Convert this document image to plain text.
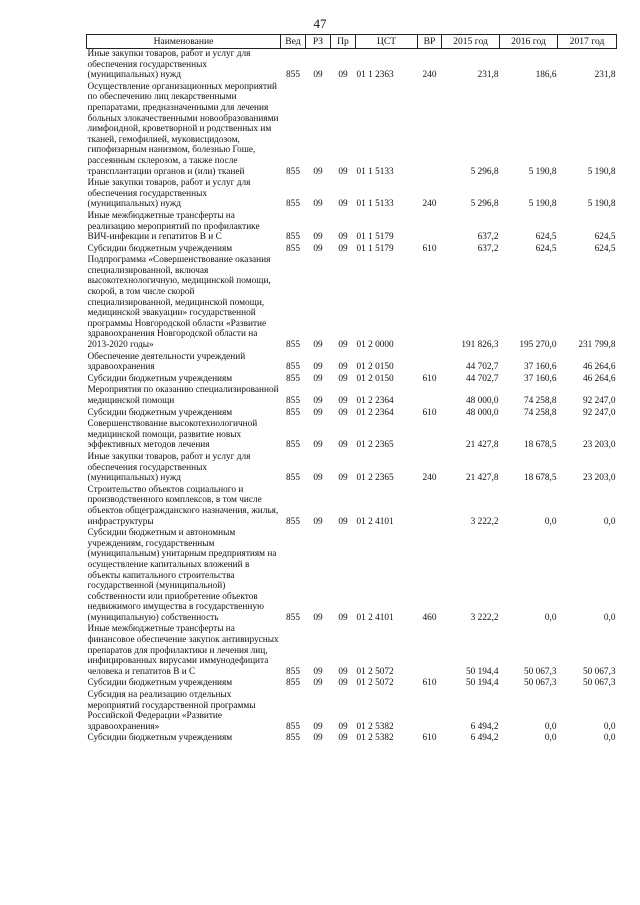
47
Наименование	Вед	РЗ	Пр	ЦСТ	ВР	2015 год	2016 год	2017 год
Иные закупки товаров, работ и услуг для обеспечения государственных (муниципальных) нужд	855	09	09	01 1 2363	240	231,8	186,6	231,8
Осуществление организационных мероприятий по обеспечению лиц лекарственными препаратами, предназначенными для лечения больных злокачественными новообразованиями лимфоидной, кроветворной и родственных им тканей, гемофилией, муковисцидозом, гипофизарным нанизмом, болезнью Гоше, рассеянным склерозом, а также после трансплантации органов и (или) тканей	855	09	09	01 1 5133		5 296,8	5 190,8	5 190,8
Иные закупки товаров, работ и услуг для обеспечения государственных (муниципальных) нужд	855	09	09	01 1 5133	240	5 296,8	5 190,8	5 190,8
Иные межбюджетные трансферты на реализацию мероприятий по профилактике ВИЧ-инфекции и гепатитов В и С	855	09	09	01 1 5179		637,2	624,5	624,5
Субсидии бюджетным учреждениям	855	09	09	01 1 5179	610	637,2	624,5	624,5
Подпрограмма «Совершенствование оказания специализированной, включая высокотехнологичную, медицинской помощи, скорой, в том числе скорой специализированной, медицинской помощи, медицинской эвакуации» государственной программы Новгородской области «Развитие здравоохранения Новгородской области на 2013-2020 годы»	855	09	09	01 2 0000		191 826,3	195 270,0	231 799,8
Обеспечение деятельности учреждений здравоохранения	855	09	09	01 2 0150		44 702,7	37 160,6	46 264,6
Субсидии бюджетным учреждениям	855	09	09	01 2 0150	610	44 702,7	37 160,6	46 264,6
Мероприятия по оказанию специализированной медицинской помощи	855	09	09	01 2 2364		48 000,0	74 258,8	92 247,0
Субсидии бюджетным учреждениям	855	09	09	01 2 2364	610	48 000,0	74 258,8	92 247,0
Совершенствование высокотехнологичной медицинской помощи, развитие новых эффективных методов лечения	855	09	09	01 2 2365		21 427,8	18 678,5	23 203,0
Иные закупки товаров, работ и услуг для обеспечения государственных (муниципальных) нужд	855	09	09	01 2 2365	240	21 427,8	18 678,5	23 203,0
Строительство объектов социального и производственного комплексов, в том числе объектов общегражданского назначения, жилья, инфраструктуры	855	09	09	01 2 4101		3 222,2	0,0	0,0
Субсидии бюджетным и автономным учреждениям, государственным (муниципальным) унитарным предприятиям на осуществление капитальных вложений в объекты капитального строительства государственной (муниципальной) собственности или приобретение объектов недвижимого имущества в государственную (муниципальную) собственность	855	09	09	01 2 4101	460	3 222,2	0,0	0,0
Иные межбюджетные трансферты на финансовое обеспечение закупок антивирусных препаратов для профилактики и лечения лиц, инфицированных вирусами иммунодефицита человека и гепатитов В и С	855	09	09	01 2 5072		50 194,4	50 067,3	50 067,3
Субсидии бюджетным учреждениям	855	09	09	01 2 5072	610	50 194,4	50 067,3	50 067,3
Субсидия на реализацию отдельных мероприятий государственной программы Российской Федерации «Развитие здравоохранения»	855	09	09	01 2 5382		6 494,2	0,0	0,0
Субсидии бюджетным учреждениям	855	09	09	01 2 5382	610	6 494,2	0,0	0,0
